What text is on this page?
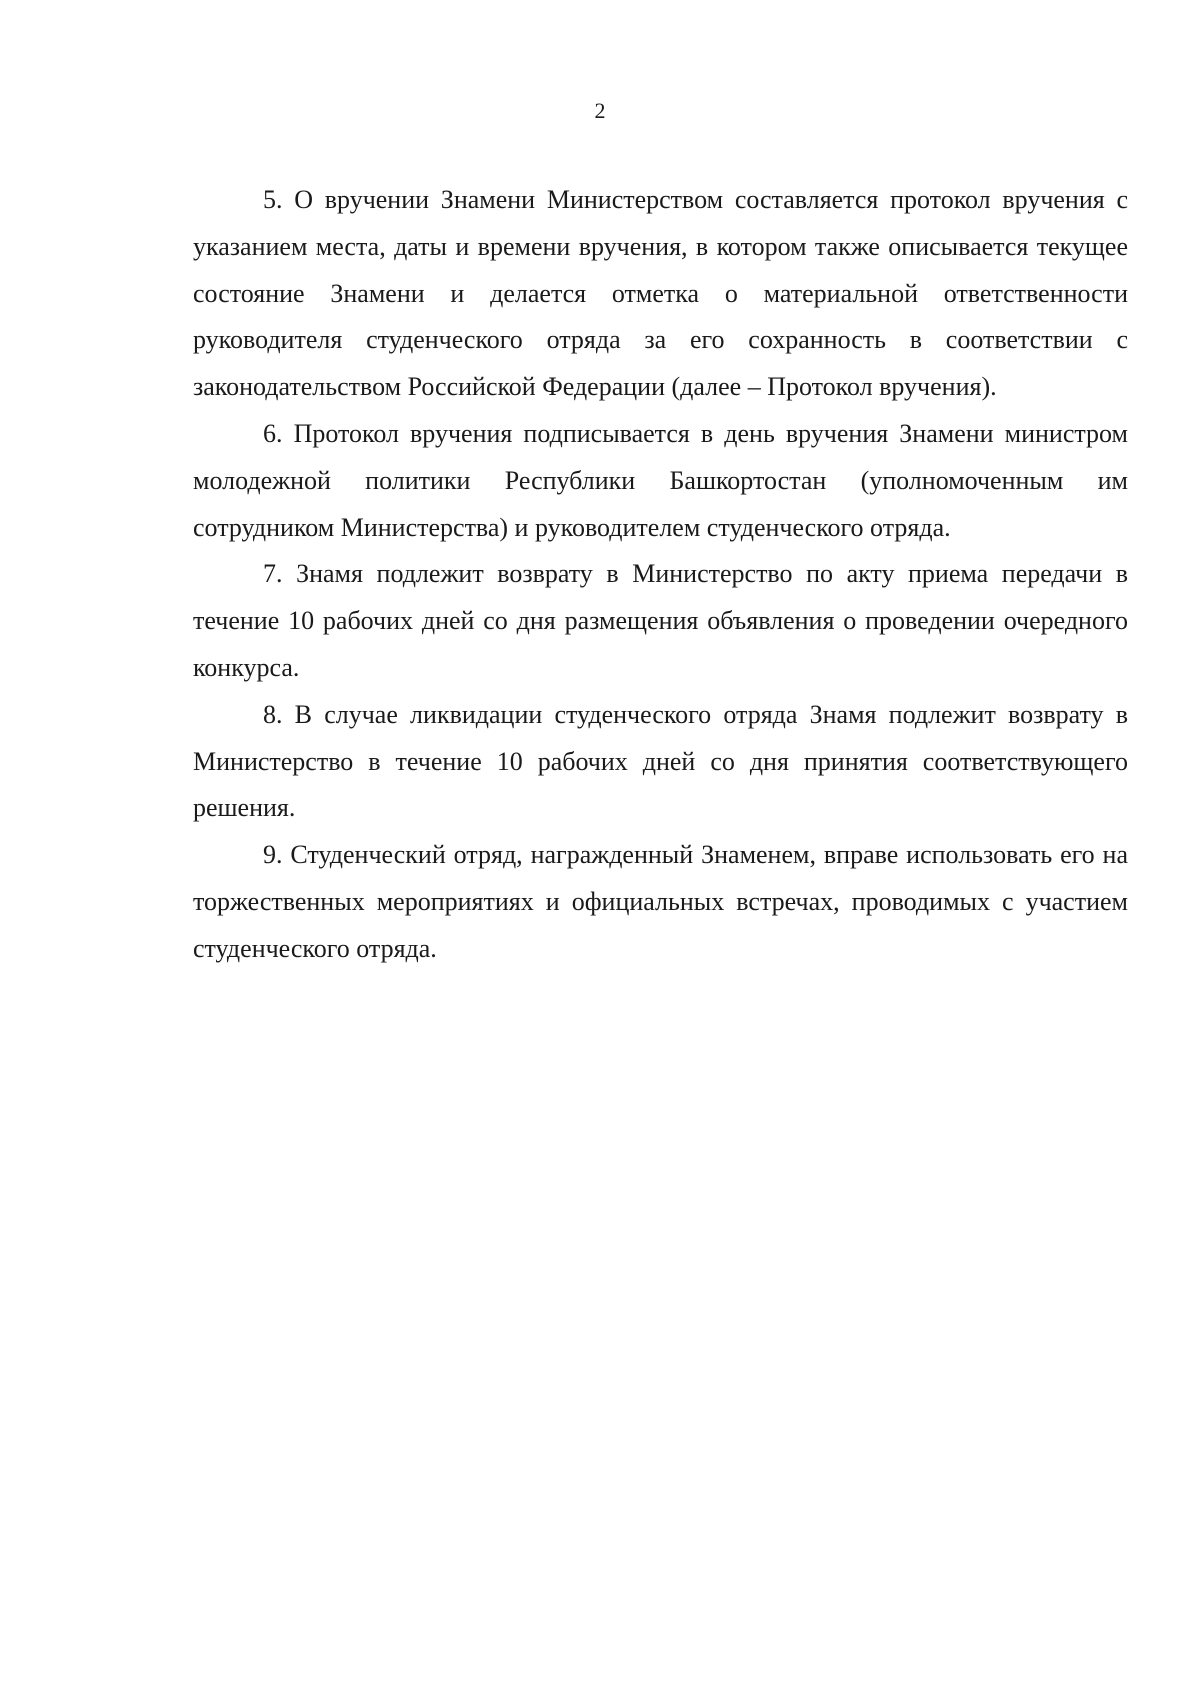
2

5. О вручении Знамени Министерством составляется протокол вручения с указанием места, даты и времени вручения, в котором также описывается текущее состояние Знамени и делается отметка о материальной ответственности руководителя студенческого отряда за его сохранность в соответствии с законодательством Российской Федерации (далее – Протокол вручения).

6. Протокол вручения подписывается в день вручения Знамени министром молодежной политики Республики Башкортостан (уполномоченным им сотрудником Министерства) и руководителем студенческого отряда.

7. Знамя подлежит возврату в Министерство по акту приема передачи в течение 10 рабочих дней со дня размещения объявления о проведении очередного конкурса.

8. В случае ликвидации студенческого отряда Знамя подлежит возврату в Министерство в течение 10 рабочих дней со дня принятия соответствующего решения.

9. Студенческий отряд, награжденный Знаменем, вправе использовать его на торжественных мероприятиях и официальных встречах, проводимых с участием студенческого отряда.
